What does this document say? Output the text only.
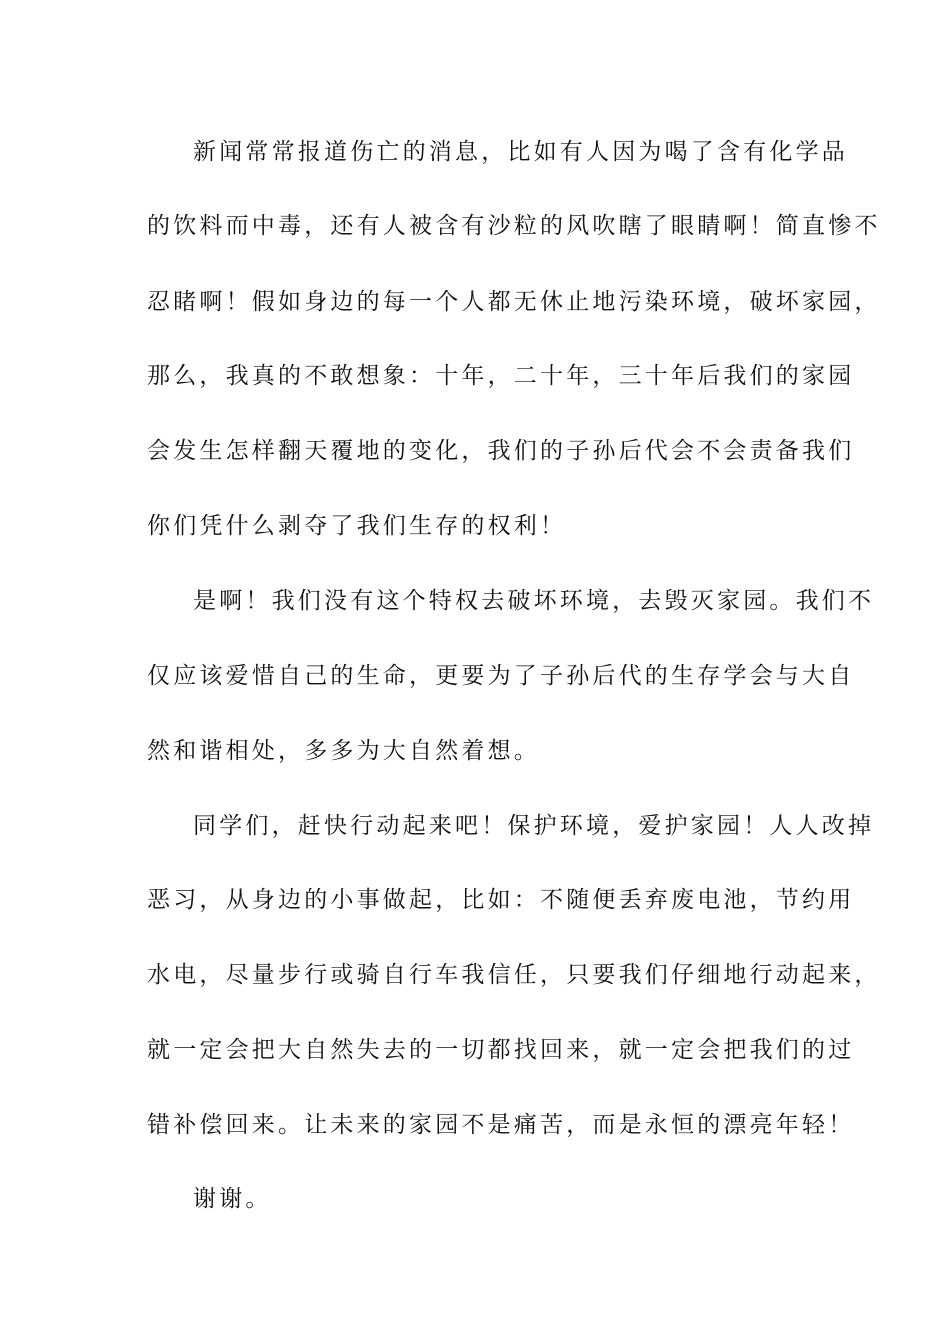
新闻常常报道伤亡的消息，比如有人因为喝了含有化学品
的饮料而中毒，还有人被含有沙粒的风吹瞎了眼睛啊！简直惨不
忍睹啊！假如身边的每一个人都无休止地污染环境，破坏家园，
那么，我真的不敢想象：十年，二十年，三十年后我们的家园
会发生怎样翻天覆地的变化，我们的子孙后代会不会责备我们
你们凭什么剥夺了我们生存的权利！
是啊！我们没有这个特权去破坏环境，去毁灭家园。我们不
仅应该爱惜自己的生命，更要为了子孙后代的生存学会与大自
然和谐相处，多多为大自然着想。
同学们，赶快行动起来吧！保护环境，爱护家园！人人改掉
恶习，从身边的小事做起，比如：不随便丢弃废电池，节约用
水电，尽量步行或骑自行车我信任，只要我们仔细地行动起来，
就一定会把大自然失去的一切都找回来，就一定会把我们的过
错补偿回来。让未来的家园不是痛苦，而是永恒的漂亮年轻！
谢谢。
